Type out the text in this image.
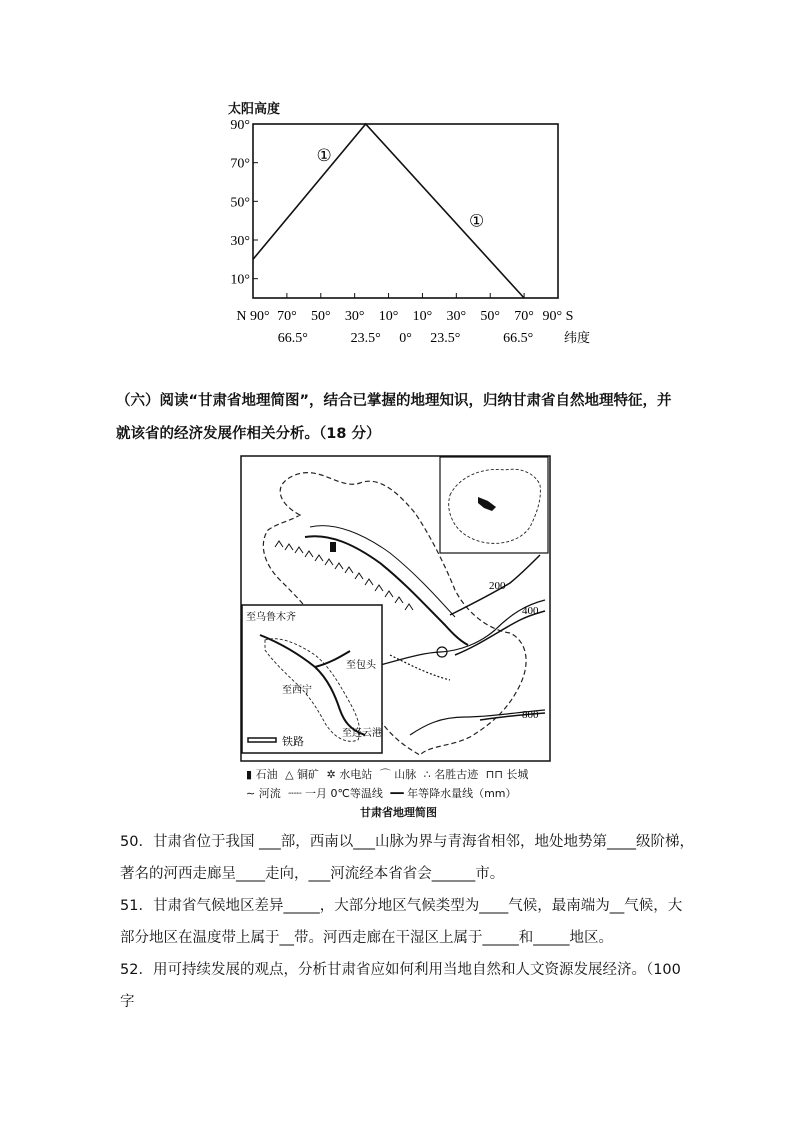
太阳高度
90°
70°
50°
30°
10°
N 90° 70° 50° 30° 10° 10° 30° 50° 70° 90° S
66.5°	23.5° 0° 23.5°	66.5° 纬度
①
①
（六）阅读“甘肃省地理简图”，结合已掌握的地理知识，归纳甘肃省自然地理特征，并
就该省的经济发展作相关分析。（18 分）
200
400
800
至乌鲁木齐
至包头
至西宁
至连云港
铁路
▮ 石油 △ 铜矿 ✲ 水电站 ⌒ 山脉 ∴ 名胜古迹 ⊓⊓ 长城
∼ 河流 ┈┈ 一月 0℃等温线 ━━ 年等降水量线（mm）
甘肃省地理简图
50．甘肃省位于我国 ___部，西南以___山脉为界与青海省相邻，地处地势第____级阶梯，
著名的河西走廊呈____走向，___河流经本省省会______市。
51．甘肃省气候地区差异_____，大部分地区气候类型为____气候，最南端为__气候，大
部分地区在温度带上属于__带。河西走廊在干湿区上属于_____和_____地区。
52．用可持续发展的观点，分析甘肃省应如何利用当地自然和人文资源发展经济。（100
字
